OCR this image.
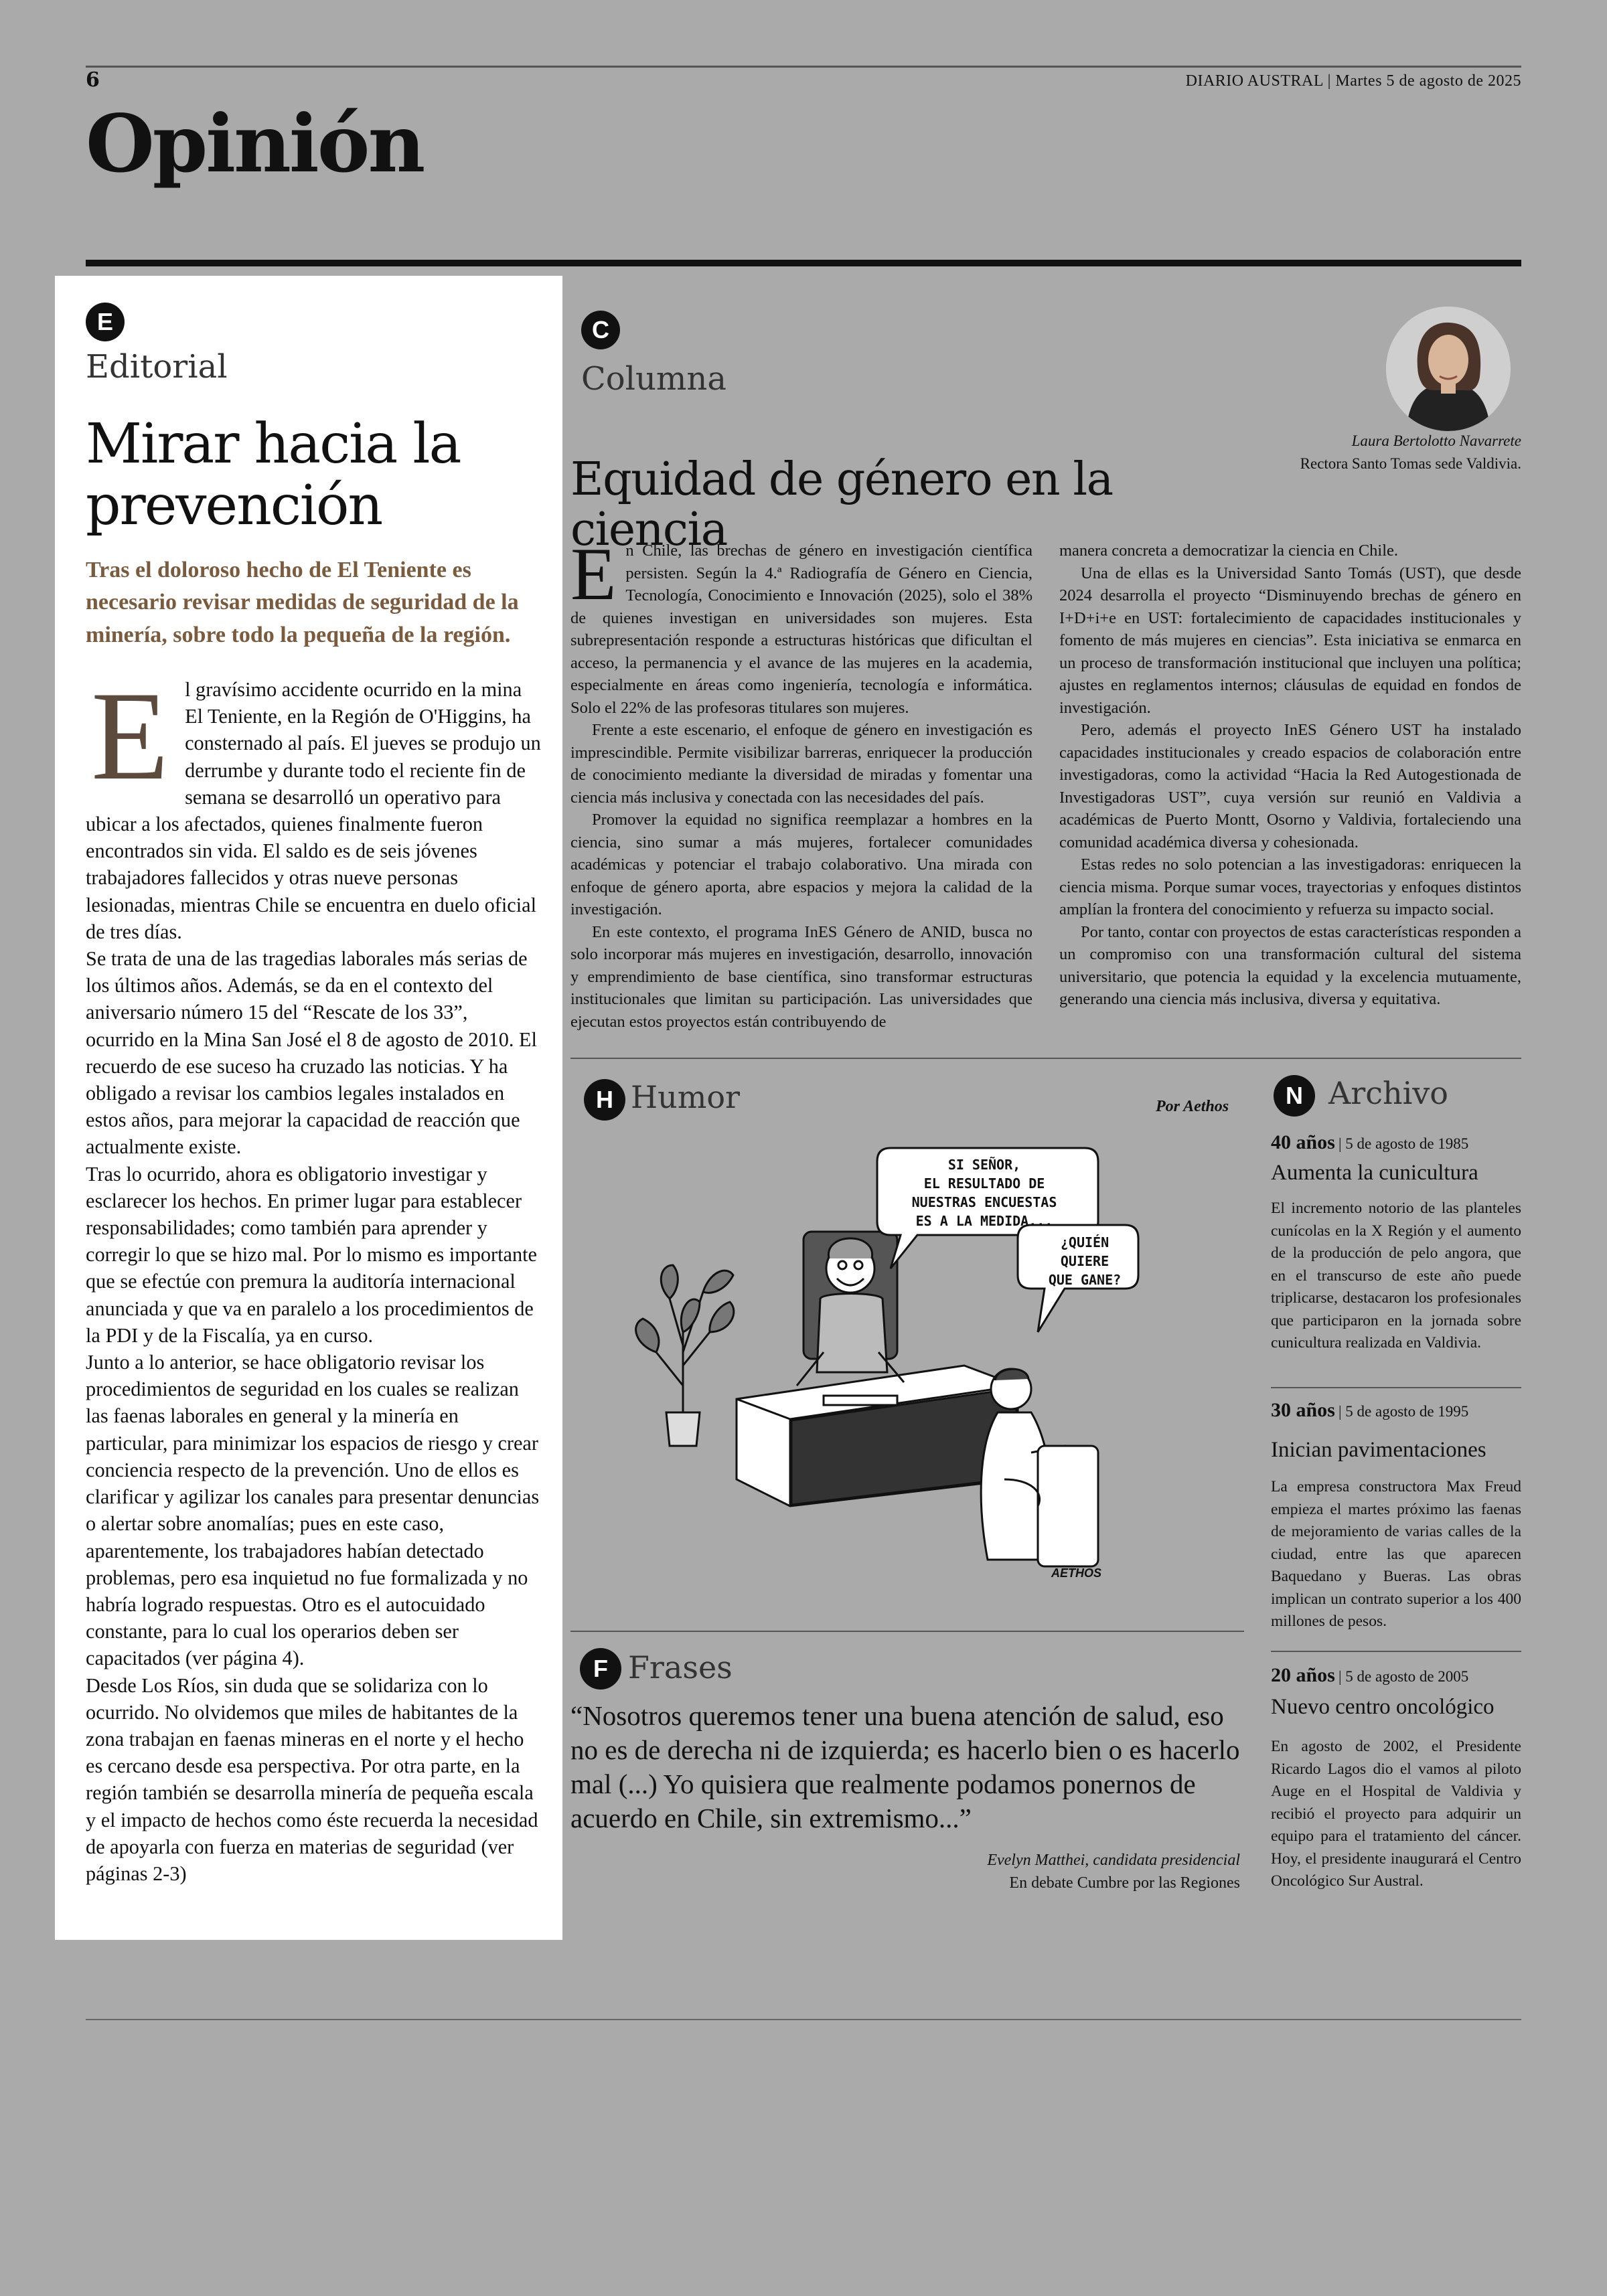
6	DIARIO AUSTRAL | Martes 5 de agosto de 2025
Opinión
E
Editorial
Mirar hacia la prevención
Tras el doloroso hecho de El Teniente es necesario revisar medidas de seguridad de la minería, sobre todo la pequeña de la región.

El gravísimo accidente ocurrido en la mina El Teniente, en la Región de O'Higgins, ha consternado al país. El jueves se produjo un derrumbe y durante todo el reciente fin de semana se desarrolló un operativo para ubicar a los afectados, quienes finalmente fueron encontrados sin vida. El saldo es de seis jóvenes trabajadores fallecidos y otras nueve personas lesionadas, mientras Chile se encuentra en duelo oficial de tres días.

Se trata de una de las tragedias laborales más serias de los últimos años. Además, se da en el contexto del aniversario número 15 del “Rescate de los 33”, ocurrido en la Mina San José el 8 de agosto de 2010. El recuerdo de ese suceso ha cruzado las noticias. Y ha obligado a revisar los cambios legales instalados en estos años, para mejorar la capacidad de reacción que actualmente existe.

Tras lo ocurrido, ahora es obligatorio investigar y esclarecer los hechos. En primer lugar para establecer responsabilidades; como también para aprender y corregir lo que se hizo mal. Por lo mismo es importante que se efectúe con premura la auditoría internacional anunciada y que va en paralelo a los procedimientos de la PDI y de la Fiscalía, ya en curso.

Junto a lo anterior, se hace obligatorio revisar los procedimientos de seguridad en los cuales se realizan las faenas laborales en general y la minería en particular, para minimizar los espacios de riesgo y crear conciencia respecto de la prevención. Uno de ellos es clarificar y agilizar los canales para presentar denuncias o alertar sobre anomalías; pues en este caso, aparentemente, los trabajadores habían detectado problemas, pero esa inquietud no fue formalizada y no habría logrado respuestas. Otro es el autocuidado constante, para lo cual los operarios deben ser capacitados (ver página 4).

Desde Los Ríos, sin duda que se solidariza con lo ocurrido. No olvidemos que miles de habitantes de la zona trabajan en faenas mineras en el norte y el hecho es cercano desde esa perspectiva. Por otra parte, en la región también se desarrolla minería de pequeña escala y el impacto de hechos como éste recuerda la necesidad de apoyarla con fuerza en materias de seguridad (ver páginas 2-3)

C
Columna
Laura Bertolotto Navarrete
Rectora Santo Tomas sede Valdivia.
Equidad de género en la ciencia

En Chile, las brechas de género en investigación científica persisten. Según la 4.ª Radiografía de Género en Ciencia, Tecnología, Conocimiento e Innovación (2025), solo el 38% de quienes investigan en universidades son mujeres. Esta subrepresentación responde a estructuras históricas que dificultan el acceso, la permanencia y el avance de las mujeres en la academia, especialmente en áreas como ingeniería, tecnología e informática. Solo el 22% de las profesoras titulares son mujeres.

Frente a este escenario, el enfoque de género en investigación es imprescindible. Permite visibilizar barreras, enriquecer la producción de conocimiento mediante la diversidad de miradas y fomentar una ciencia más inclusiva y conectada con las necesidades del país.

Promover la equidad no significa reemplazar a hombres en la ciencia, sino sumar a más mujeres, fortalecer comunidades académicas y potenciar el trabajo colaborativo. Una mirada con enfoque de género aporta, abre espacios y mejora la calidad de la investigación.

En este contexto, el programa InES Género de ANID, busca no solo incorporar más mujeres en investigación, desarrollo, innovación y emprendimiento de base científica, sino transformar estructuras institucionales que limitan su participación. Las universidades que ejecutan estos proyectos están contribuyendo de

manera concreta a democratizar la ciencia en Chile.

Una de ellas es la Universidad Santo Tomás (UST), que desde 2024 desarrolla el proyecto “Disminuyendo brechas de género en I+D+i+e en UST: fortalecimiento de capacidades institucionales y fomento de más mujeres en ciencias”. Esta iniciativa se enmarca en un proceso de transformación institucional que incluyen una política; ajustes en reglamentos internos; cláusulas de equidad en fondos de investigación.

Pero, además el proyecto InES Género UST ha instalado capacidades institucionales y creado espacios de colaboración entre investigadoras, como la actividad “Hacia la Red Autogestionada de Investigadoras UST”, cuya versión sur reunió en Valdivia a académicas de Puerto Montt, Osorno y Valdivia, fortaleciendo una comunidad académica diversa y cohesionada.

Estas redes no solo potencian a las investigadoras: enriquecen la ciencia misma. Porque sumar voces, trayectorias y enfoques distintos amplían la frontera del conocimiento y refuerza su impacto social.

Por tanto, contar con proyectos de estas características responden a un compromiso con una transformación cultural del sistema universitario, que potencia la equidad y la excelencia mutuamente, generando una ciencia más inclusiva, diversa y equitativa.

H Humor	Por Aethos
SI SEÑOR,
EL RESULTADO DE
NUESTRAS ENCUESTAS
ES A LA MEDIDA...
¿QUIÉN
QUIERE
QUE GANE?
AETHOS
F Frases
“Nosotros queremos tener una buena atención de salud, eso no es de derecha ni de izquierda; es hacerlo bien o es hacerlo mal (...) Yo quisiera que realmente podamos ponernos de acuerdo en Chile, sin extremismo...”
Evelyn Matthei, candidata presidencial
En debate Cumbre por las Regiones
N Archivo
40 años | 5 de agosto de 1985
Aumenta la cunicultura
El incremento notorio de las planteles cunícolas en la X Región y el aumento de la producción de pelo angora, que en el transcurso de este año puede triplicarse, destacaron los profesionales que participaron en la jornada sobre cunicultura realizada en Valdivia.
30 años | 5 de agosto de 1995
Inician pavimentaciones
La empresa constructora Max Freud empieza el martes próximo las faenas de mejoramiento de varias calles de la ciudad, entre las que aparecen Baquedano y Bueras. Las obras implican un contrato superior a los 400 millones de pesos.
20 años | 5 de agosto de 2005
Nuevo centro oncológico
En agosto de 2002, el Presidente Ricardo Lagos dio el vamos al piloto Auge en el Hospital de Valdivia y recibió el proyecto para adquirir un equipo para el tratamiento del cáncer. Hoy, el presidente inaugurará el Centro Oncológico Sur Austral.
